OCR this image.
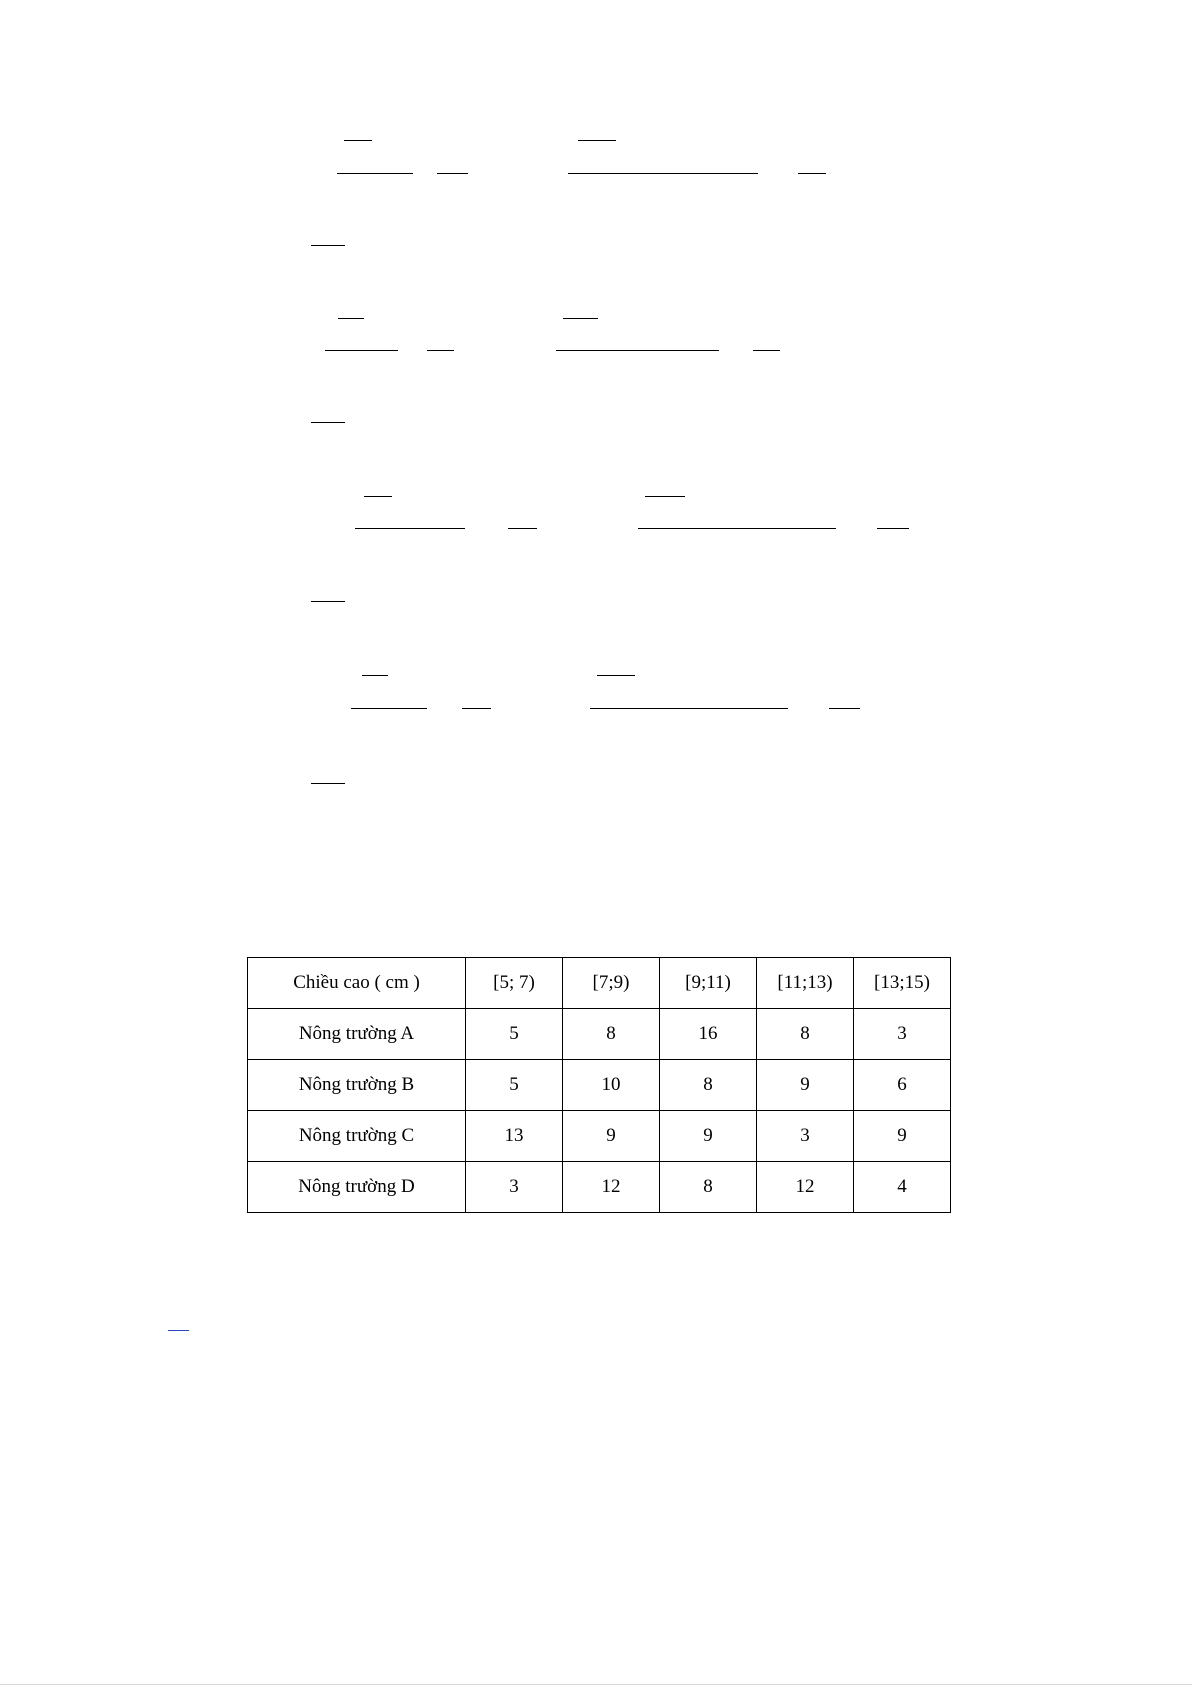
Chiều cao ( cm )	[5; 7)	[7;9)	[9;11)	[11;13)	[13;15)
Nông trường A	5	8	16	8	3
Nông trường B	5	10	8	9	6
Nông trường C	13	9	9	3	9
Nông trường D	3	12	8	12	4
